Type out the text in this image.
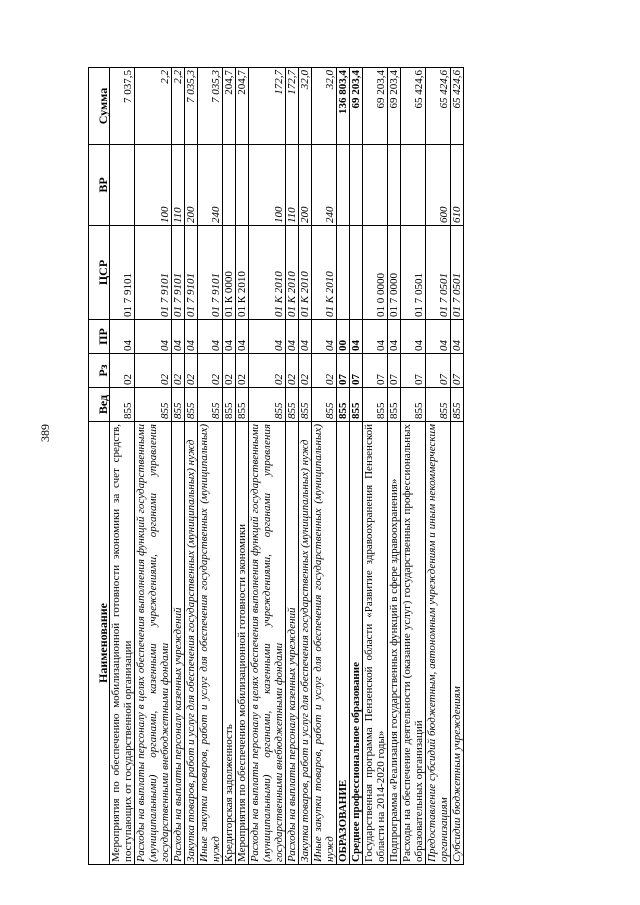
389
Наименование	Вед	Рз	ПР	ЦСР	ВР	Сумма
Мероприятия по обеспечению мобилизационной готовности экономики за счет средств, поступающих от государственной организации	855	02	04	01 7 9101		7 037,5
Расходы на выплаты персоналу в целях обеспечения выполнения функций государственными (муниципальными) органами, казенными учреждениями, органами управления государственными внебюджетными фондами	855	02	04	01 7 9101	100	2,2
Расходы на выплаты персоналу казенных учреждений	855	02	04	01 7 9101	110	2,2
Закупка товаров, работ и услуг для обеспечения государственных (муниципальных) нужд	855	02	04	01 7 9101	200	7 035,3
Иные закупки товаров, работ и услуг для обеспечения государственных (муниципальных) нужд	855	02	04	01 7 9101	240	7 035,3
Кредиторская задолженность	855	02	04	01 К 0000		204,7
Мероприятия по обеспечению мобилизационной готовности экономики	855	02	04	01 К 2010		204,7
Расходы на выплаты персоналу в целях обеспечения выполнения функций государственными (муниципальными) органами, казенными учреждениями, органами управления государственными внебюджетными фондами	855	02	04	01 К 2010	100	172,7
Расходы на выплаты персоналу казенных учреждений	855	02	04	01 К 2010	110	172,7
Закупка товаров, работ и услуг для обеспечения государственных (муниципальных) нужд	855	02	04	01 К 2010	200	32,0
Иные закупки товаров, работ и услуг для обеспечения государственных (муниципальных) нужд	855	02	04	01 К 2010	240	32,0
ОБРАЗОВАНИЕ	855	07	00			136 803,4
Среднее профессиональное образование	855	07	04			69 203,4
Государственная программа Пензенской области «Развитие здравоохранения Пензенской области на 2014-2020 годы»	855	07	04	01 0 0000		69 203,4
Подпрограмма «Реализация государственных функций в сфере здравоохранения»	855	07	04	01 7 0000		69 203,4
Расходы на обеспечение деятельности (оказание услуг) государственных профессиональных образовательных организаций	855	07	04	01 7 0501		65 424,6
Предоставление субсидий бюджетным, автономным учреждениям и иным некоммерческим организациям	855	07	04	01 7 0501	600	65 424,6
Субсидии бюджетным учреждениям	855	07	04	01 7 0501	610	65 424,6
